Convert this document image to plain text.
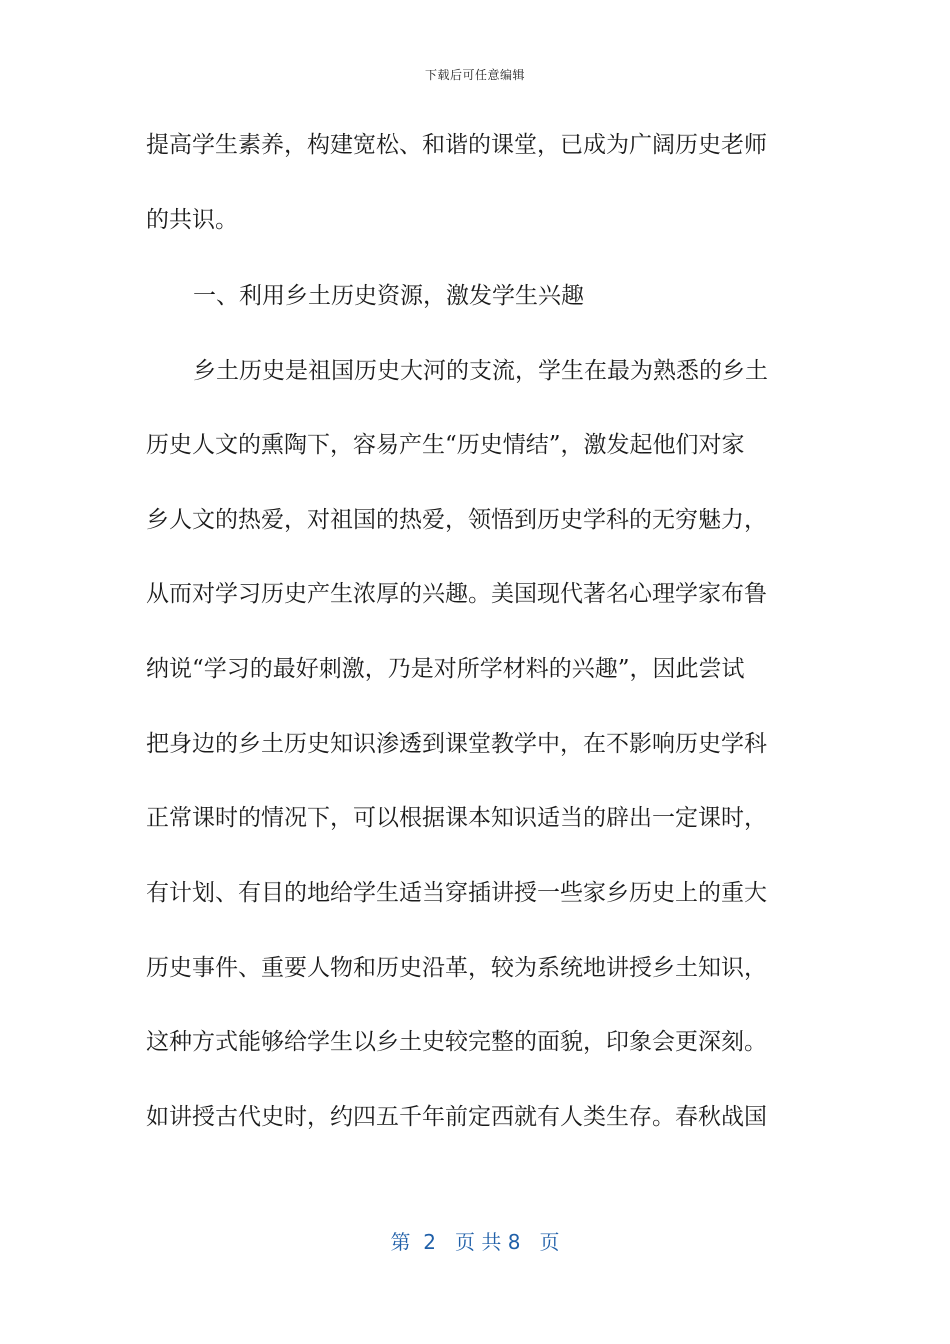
下载后可任意编辑
提高学生素养，构建宽松、和谐的课堂，已成为广阔历史老师
的共识。
一、利用乡土历史资源，激发学生兴趣
乡土历史是祖国历史大河的支流，学生在最为熟悉的乡土
历史人文的熏陶下，容易产生“历史情结”，激发起他们对家
乡人文的热爱，对祖国的热爱，领悟到历史学科的无穷魅力，
从而对学习历史产生浓厚的兴趣。美国现代著名心理学家布鲁
纳说“学习的最好刺激，乃是对所学材料的兴趣”，因此尝试
把身边的乡土历史知识渗透到课堂教学中，在不影响历史学科
正常课时的情况下，可以根据课本知识适当的辟出一定课时，
有计划、有目的地给学生适当穿插讲授一些家乡历史上的重大
历史事件、重要人物和历史沿革，较为系统地讲授乡土知识，
这种方式能够给学生以乡土史较完整的面貌，印象会更深刻。
如讲授古代史时，约四五千年前定西就有人类生存。春秋战国
第  2   页 共 8   页
